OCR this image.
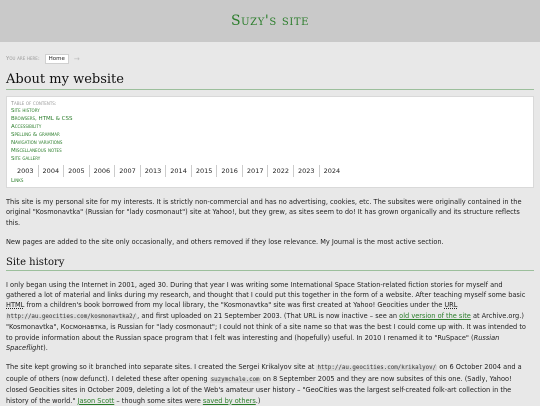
Suzy's site
You are here:	Home	→
About my website
Table of contents:
Site history
Browsers, HTML & CSS
Accessibility
Spelling & grammar
Navigation variations
Miscellaneous notes
Site gallery
2003	2004	2005	2006	2007	2013	2014	2015	2016	2017	2022	2023	2024
Links

This site is my personal site for my interests. It is strictly non-commercial and has no advertising, cookies, etc. The subsites were originally contained in the original "Kosmonavtka" (Russian for "lady cosmonaut") site at Yahoo!, but they grew, as sites seem to do! It has grown organically and its structure reflects this.

New pages are added to the site only occasionally, and others removed if they lose relevance. My Journal is the most active section.

Site history

I only began using the Internet in 2001, aged 30. During that year I was writing some International Space Station-related fiction stories for myself and gathered a lot of material and links during my research, and thought that I could put this together in the form of a website. After teaching myself some basic HTML from a children's book borrowed from my local library, the "Kosmonavtka" site was first created at Yahoo! Geocities under the URL http://au.geocities.com/kosmonavtka2/, and first uploaded on 21 September 2003. (That URL is now inactive – see an old version of the site at Archive.org.) "Kosmonavtka", Космонавтка, is Russian for "lady cosmonaut"; I could not think of a site name so that was the best I could come up with. It was intended to to provide information about the Russian space program that I felt was interesting and (hopefully) useful. In 2010 I renamed it to "RuSpace" (Russian Spaceflight).

The site kept growing so it branched into separate sites. I created the Sergei Krikalyov site at http://au.geocities.com/krikalyov/ on 6 October 2004 and a couple of others (now defunct). I deleted these after opening suzymchale.com on 8 September 2005 and they are now subsites of this one. (Sadly, Yahoo! closed Geocities sites in October 2009, deleting a lot of the Web's amateur user history – "GeoCities was the largest self-created folk-art collection in the history of the world." Jason Scott – though some sites were saved by others.)
